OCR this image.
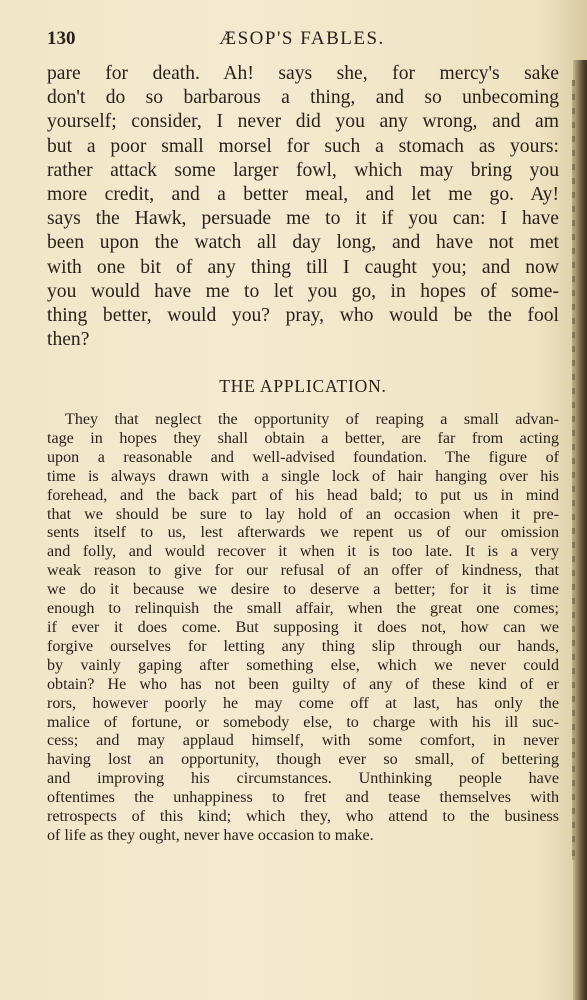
130	ÆSOP'S FABLES.
pare for death. Ah! says she, for mercy's sake
don't do so barbarous a thing, and so unbecoming
yourself; consider, I never did you any wrong, and am
but a poor small morsel for such a stomach as yours:
rather attack some larger fowl, which may bring you
more credit, and a better meal, and let me go. Ay!
says the Hawk, persuade me to it if you can: I have
been upon the watch all day long, and have not met
with one bit of any thing till I caught you; and now
you would have me to let you go, in hopes of some-
thing better, would you? pray, who would be the fool
then?
THE APPLICATION.
They that neglect the opportunity of reaping a small advan-
tage in hopes they shall obtain a better, are far from acting
upon a reasonable and well-advised foundation. The figure of
time is always drawn with a single lock of hair hanging over his
forehead, and the back part of his head bald; to put us in mind
that we should be sure to lay hold of an occasion when it pre-
sents itself to us, lest afterwards we repent us of our omission
and folly, and would recover it when it is too late. It is a very
weak reason to give for our refusal of an offer of kindness, that
we do it because we desire to deserve a better; for it is time
enough to relinquish the small affair, when the great one comes;
if ever it does come. But supposing it does not, how can we
forgive ourselves for letting any thing slip through our hands,
by vainly gaping after something else, which we never could
obtain? He who has not been guilty of any of these kind of er
rors, however poorly he may come off at last, has only the
malice of fortune, or somebody else, to charge with his ill suc-
cess; and may applaud himself, with some comfort, in never
having lost an opportunity, though ever so small, of bettering
and improving his circumstances. Unthinking people have
oftentimes the unhappiness to fret and tease themselves with
retrospects of this kind; which they, who attend to the business
of life as they ought, never have occasion to make.
